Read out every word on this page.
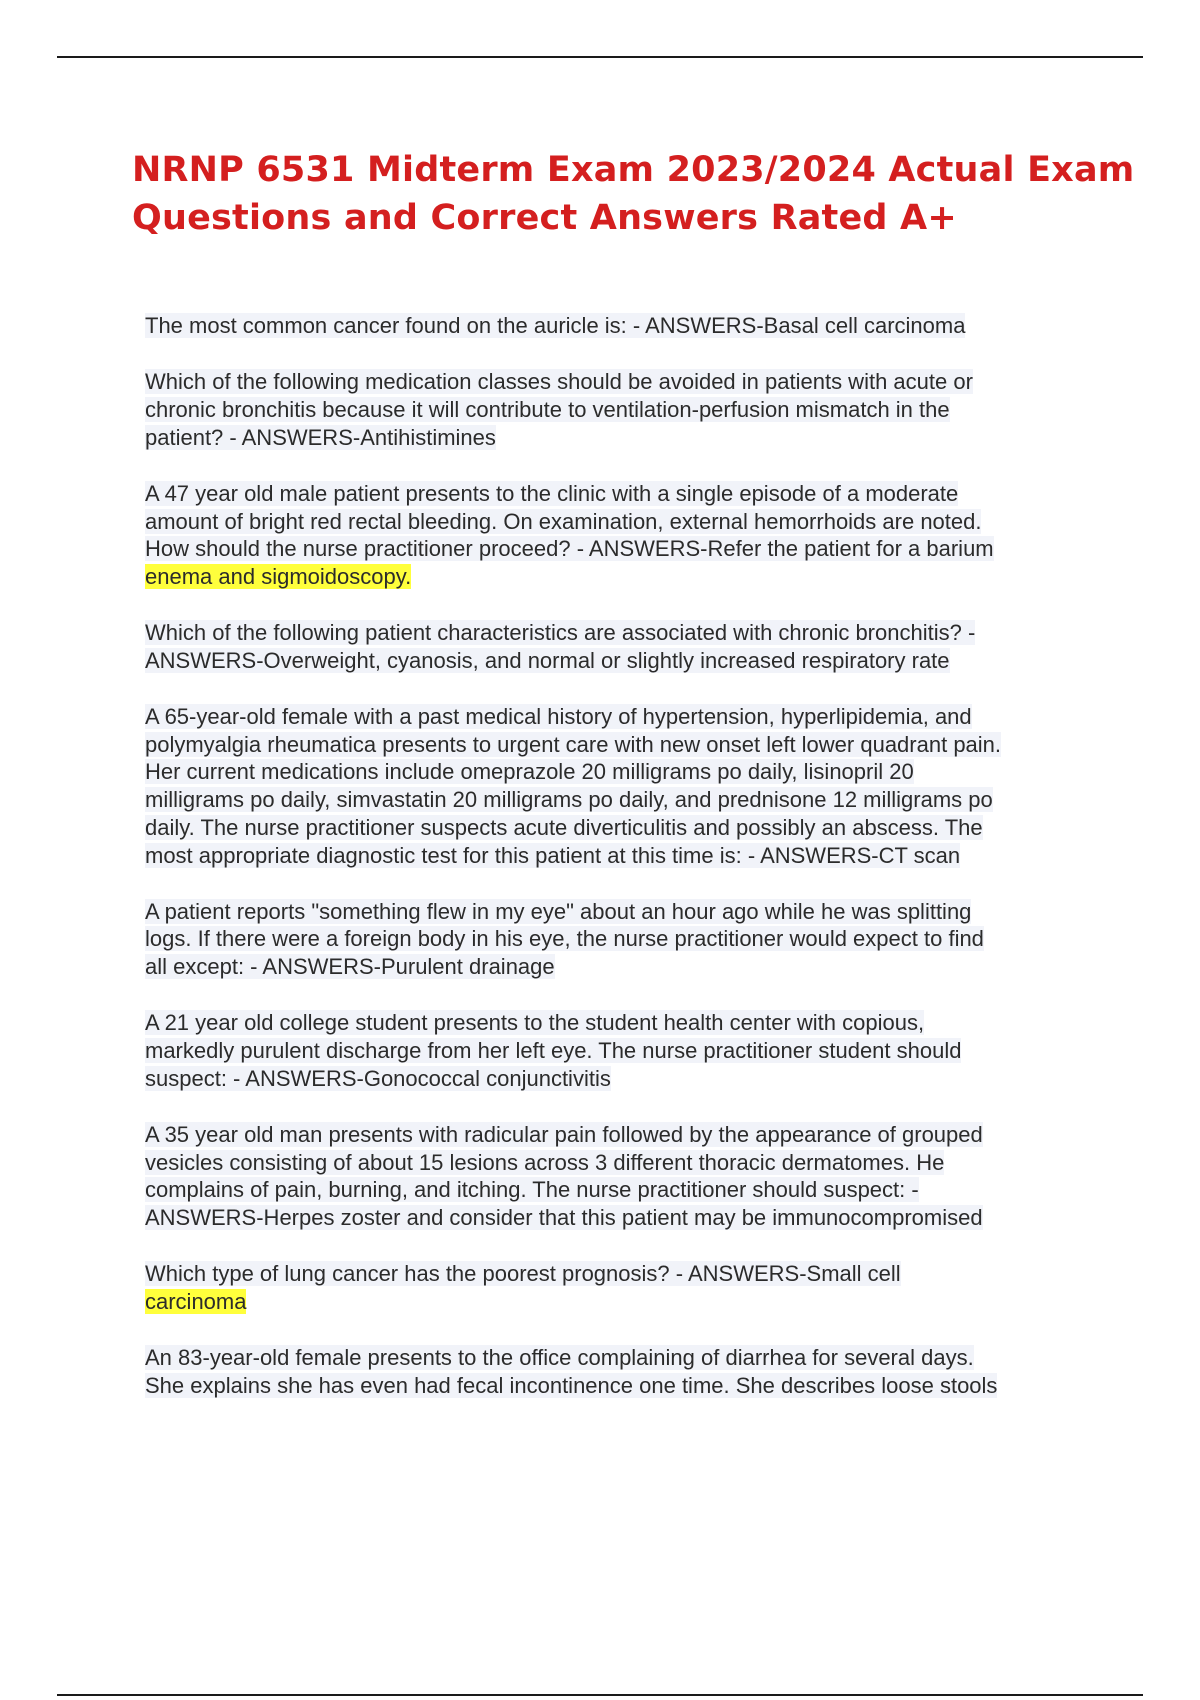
NRNP 6531 Midterm Exam 2023/2024 Actual Exam
Questions and Correct Answers Rated A+

The most common cancer found on the auricle is: - ANSWERS-Basal cell carcinoma

Which of the following medication classes should be avoided in patients with acute or
chronic bronchitis because it will contribute to ventilation-perfusion mismatch in the
patient? - ANSWERS-Antihistimines

A 47 year old male patient presents to the clinic with a single episode of a moderate
amount of bright red rectal bleeding. On examination, external hemorrhoids are noted.
How should the nurse practitioner proceed? - ANSWERS-Refer the patient for a barium
enema and sigmoidoscopy.

Which of the following patient characteristics are associated with chronic bronchitis? -
ANSWERS-Overweight, cyanosis, and normal or slightly increased respiratory rate

A 65-year-old female with a past medical history of hypertension, hyperlipidemia, and
polymyalgia rheumatica presents to urgent care with new onset left lower quadrant pain.
Her current medications include omeprazole 20 milligrams po daily, lisinopril 20
milligrams po daily, simvastatin 20 milligrams po daily, and prednisone 12 milligrams po
daily. The nurse practitioner suspects acute diverticulitis and possibly an abscess. The
most appropriate diagnostic test for this patient at this time is: - ANSWERS-CT scan

A patient reports "something flew in my eye" about an hour ago while he was splitting
logs. If there were a foreign body in his eye, the nurse practitioner would expect to find
all except: - ANSWERS-Purulent drainage

A 21 year old college student presents to the student health center with copious,
markedly purulent discharge from her left eye. The nurse practitioner student should
suspect: - ANSWERS-Gonococcal conjunctivitis

A 35 year old man presents with radicular pain followed by the appearance of grouped
vesicles consisting of about 15 lesions across 3 different thoracic dermatomes. He
complains of pain, burning, and itching. The nurse practitioner should suspect: -
ANSWERS-Herpes zoster and consider that this patient may be immunocompromised

Which type of lung cancer has the poorest prognosis? - ANSWERS-Small cell
carcinoma

An 83-year-old female presents to the office complaining of diarrhea for several days.
She explains she has even had fecal incontinence one time. She describes loose stools
